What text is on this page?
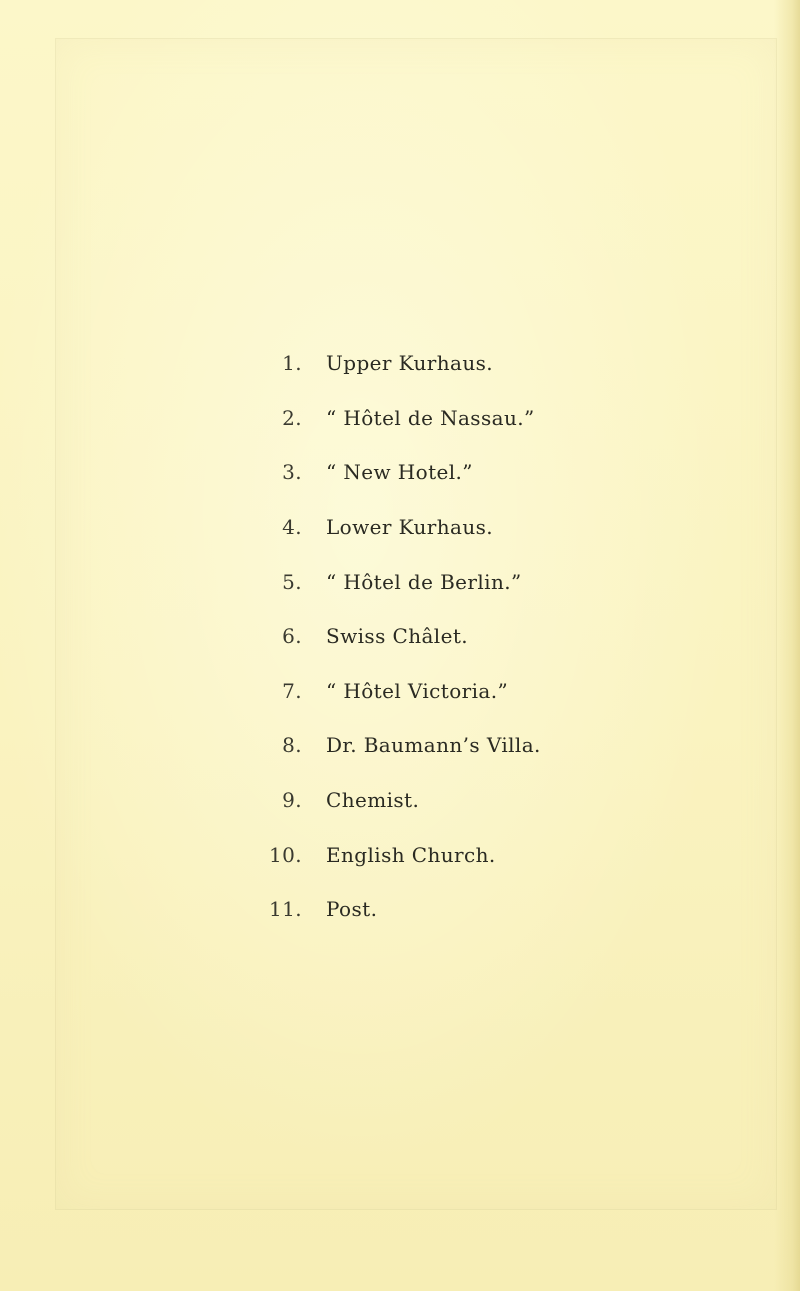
1. Upper Kurhaus.
2. “ Hôtel de Nassau.”
3. “ New Hotel.”
4. Lower Kurhaus.
5. “ Hôtel de Berlin.”
6. Swiss Châlet.
7. “ Hôtel Victoria.”
8. Dr. Baumann’s Villa.
9. Chemist.
10. English Church.
11. Post.
